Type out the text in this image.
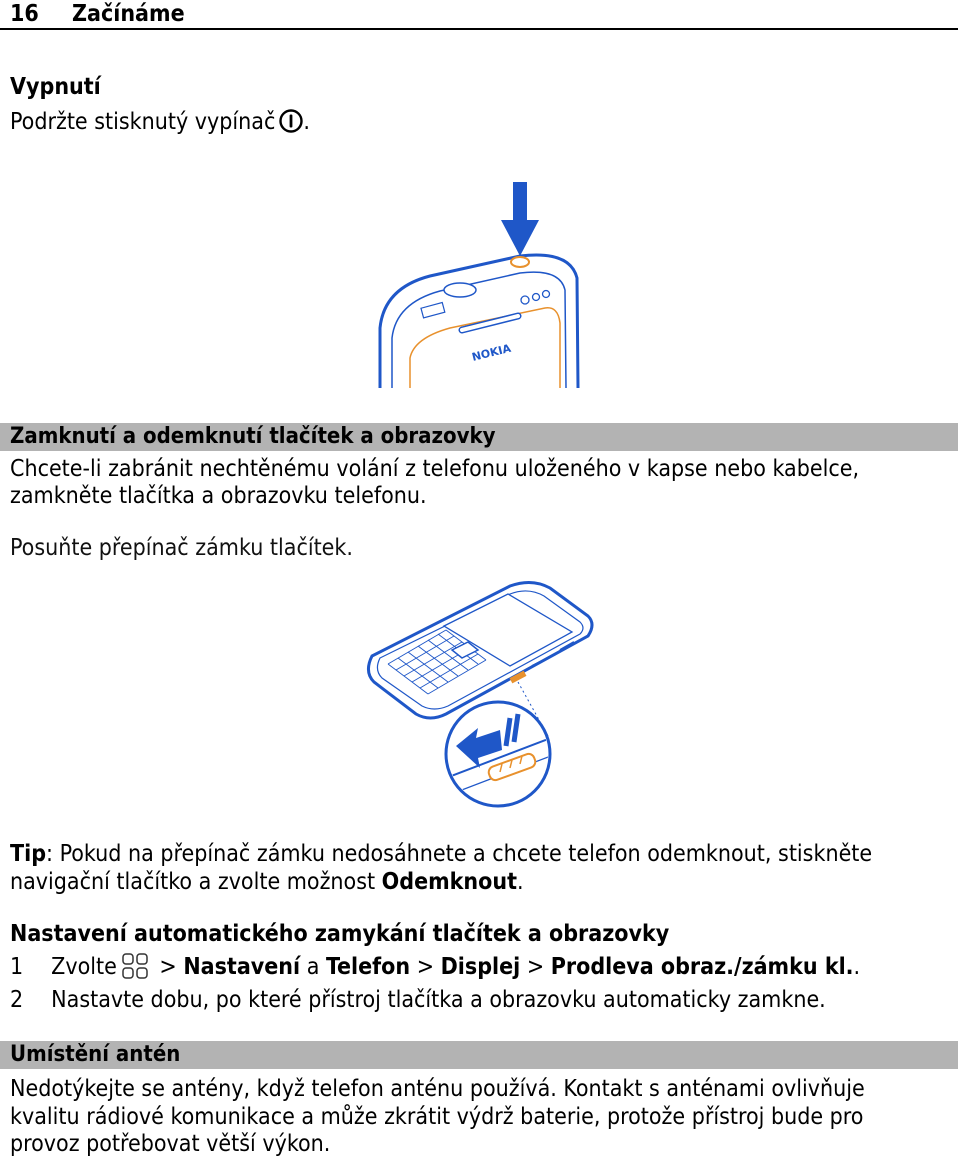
16 Začínáme
Vypnutí
Podržte stisknutý vypínač .
NOKIA
Zamknutí a odemknutí tlačítek a obrazovky
Chcete-li zabránit nechtěnému volání z telefonu uloženého v kapse nebo kabelce,
zamkněte tlačítka a obrazovku telefonu.
Posuňte přepínač zámku tlačítek.
Tip: Pokud na přepínač zámku nedosáhnete a chcete telefon odemknout, stiskněte
navigační tlačítko a zvolte možnost Odemknout.
Nastavení automatického zamykání tlačítek a obrazovky
1 Zvolte > Nastavení a Telefon > Displej > Prodleva obraz./zámku kl..
2 Nastavte dobu, po které přístroj tlačítka a obrazovku automaticky zamkne.
Umístění antén
Nedotýkejte se antény, když telefon anténu používá. Kontakt s anténami ovlivňuje
kvalitu rádiové komunikace a může zkrátit výdrž baterie, protože přístroj bude pro
provoz potřebovat větší výkon.
